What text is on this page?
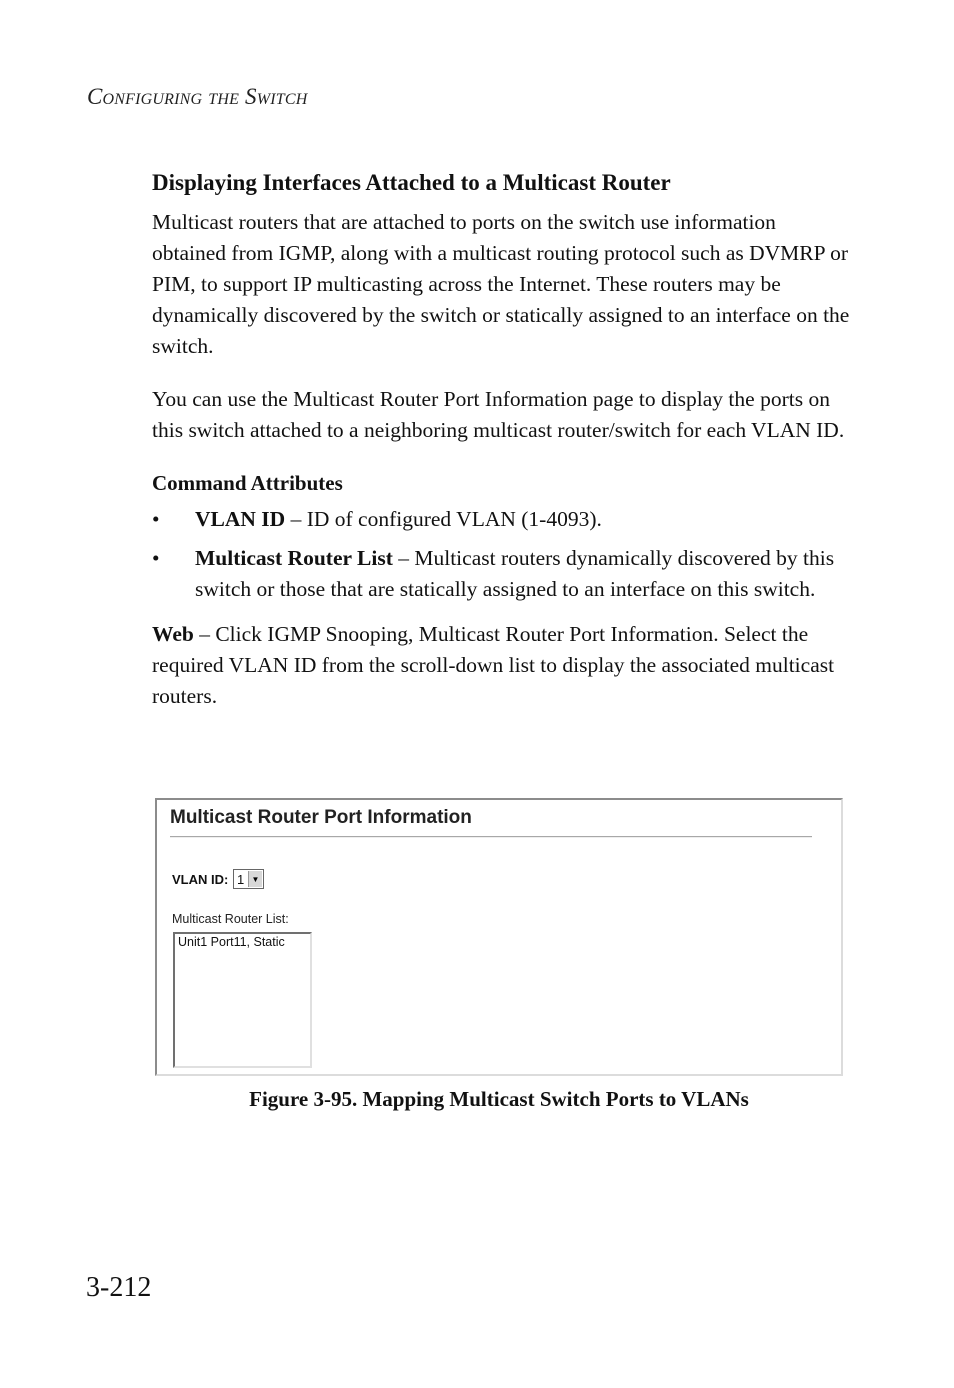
Configuring the Switch
Displaying Interfaces Attached to a Multicast Router

Multicast routers that are attached to ports on the switch use information obtained from IGMP, along with a multicast routing protocol such as DVMRP or PIM, to support IP multicasting across the Internet. These routers may be dynamically discovered by the switch or statically assigned to an interface on the switch.

You can use the Multicast Router Port Information page to display the ports on this switch attached to a neighboring multicast router/switch for each VLAN ID.

Command Attributes
• VLAN ID – ID of configured VLAN (1-4093).
• Multicast Router List – Multicast routers dynamically discovered by this switch or those that are statically assigned to an interface on this switch.

Web – Click IGMP Snooping, Multicast Router Port Information. Select the required VLAN ID from the scroll-down list to display the associated multicast routers.

Multicast Router Port Information
VLAN ID: 1 ▼
Multicast Router List:
Unit1 Port11, Static
Figure 3-95. Mapping Multicast Switch Ports to VLANs
3-212
